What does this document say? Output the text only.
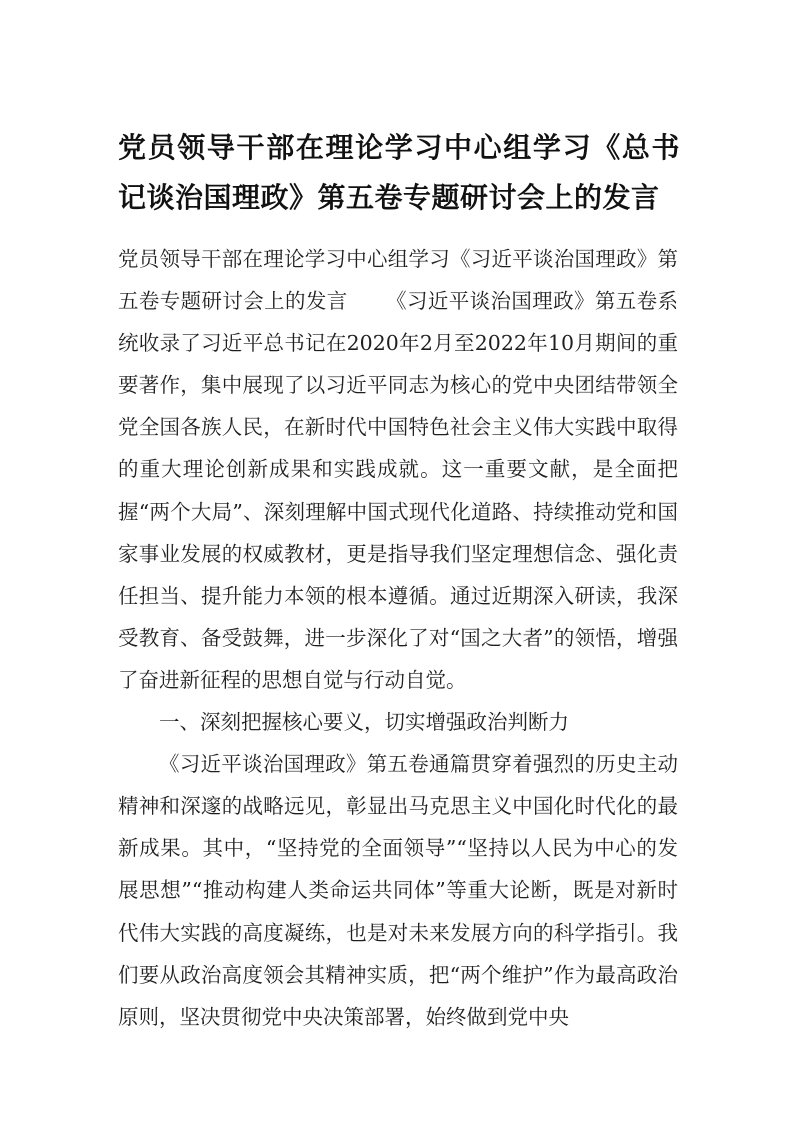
党员领导干部在理论学习中心组学习《总书记谈治国理政》第五卷专题研讨会上的发言

党员领导干部在理论学习中心组学习《习近平谈治国理政》第五卷专题研讨会上的发言 　　《习近平谈治国理政》第五卷系统收录了习近平总书记在2020年2月至2022年10月期间的重要著作，集中展现了以习近平同志为核心的党中央团结带领全党全国各族人民，在新时代中国特色社会主义伟大实践中取得的重大理论创新成果和实践成就。这一重要文献，是全面把握“两个大局”、深刻理解中国式现代化道路、持续推动党和国家事业发展的权威教材，更是指导我们坚定理想信念、强化责任担当、提升能力本领的根本遵循。通过近期深入研读，我深受教育、备受鼓舞，进一步深化了对“国之大者”的领悟，增强了奋进新征程的思想自觉与行动自觉。

一、深刻把握核心要义，切实增强政治判断力

《习近平谈治国理政》第五卷通篇贯穿着强烈的历史主动精神和深邃的战略远见，彰显出马克思主义中国化时代化的最新成果。其中，“坚持党的全面领导”“坚持以人民为中心的发展思想”“推动构建人类命运共同体”等重大论断，既是对新时代伟大实践的高度凝练，也是对未来发展方向的科学指引。我们要从政治高度领会其精神实质，把“两个维护”作为最高政治原则，坚决贯彻党中央决策部署，始终做到党中央
